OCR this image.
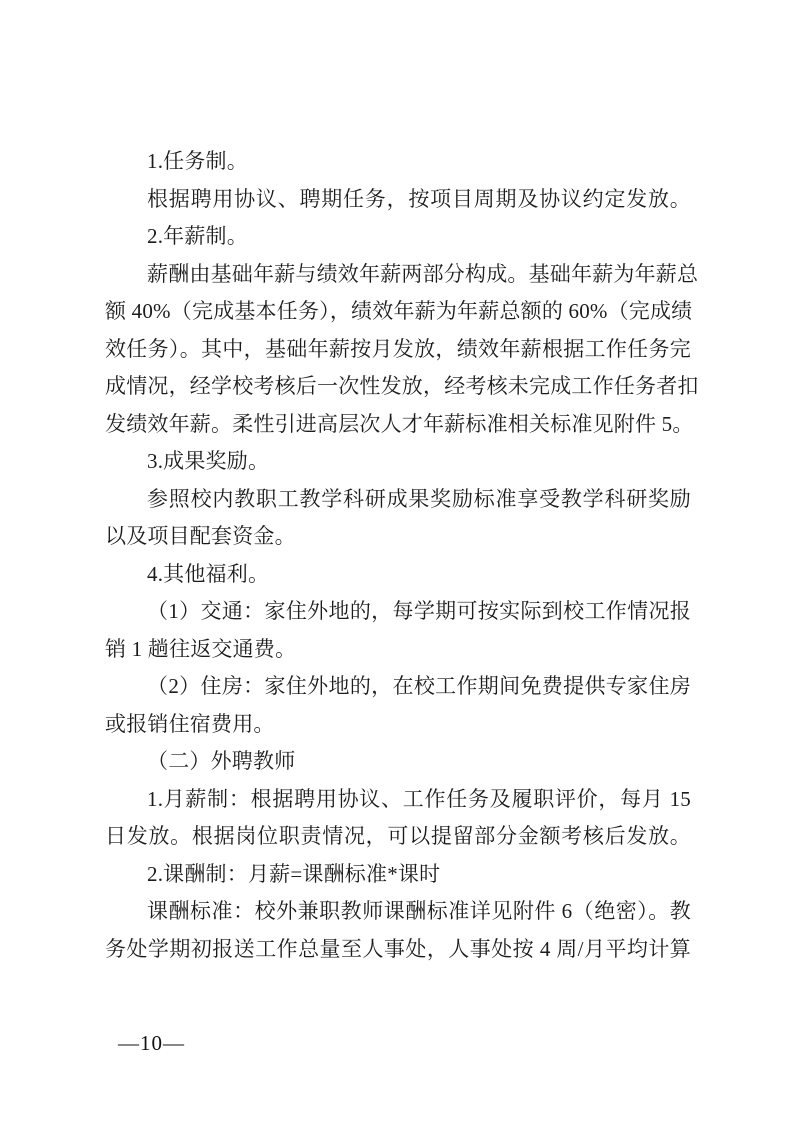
1.任务制。
根据聘用协议、聘期任务，按项目周期及协议约定发放。
2.年薪制。
薪酬由基础年薪与绩效年薪两部分构成。基础年薪为年薪总
额 40%（完成基本任务），绩效年薪为年薪总额的 60%（完成绩
效任务）。其中，基础年薪按月发放，绩效年薪根据工作任务完
成情况，经学校考核后一次性发放，经考核未完成工作任务者扣
发绩效年薪。柔性引进高层次人才年薪标准相关标准见附件 5。
3.成果奖励。
参照校内教职工教学科研成果奖励标准享受教学科研奖励
以及项目配套资金。
4.其他福利。
（1）交通：家住外地的，每学期可按实际到校工作情况报
销 1 趟往返交通费。
（2）住房：家住外地的，在校工作期间免费提供专家住房
或报销住宿费用。
（二）外聘教师
1.月薪制：根据聘用协议、工作任务及履职评价，每月 15
日发放。根据岗位职责情况，可以提留部分金额考核后发放。
2.课酬制：月薪=课酬标准*课时
课酬标准：校外兼职教师课酬标准详见附件 6（绝密）。教
务处学期初报送工作总量至人事处，人事处按 4 周/月平均计算
—10—
